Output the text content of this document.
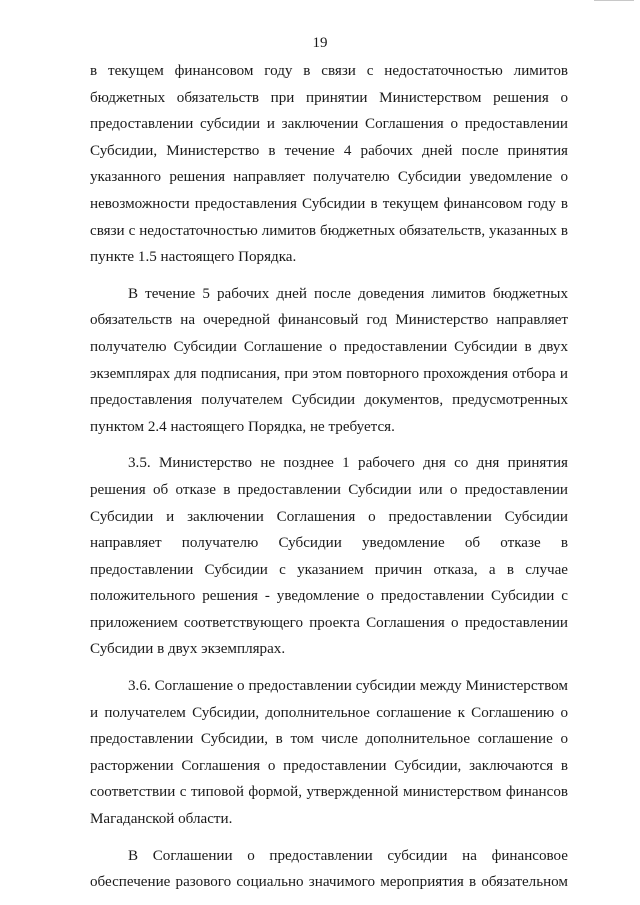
19

в текущем финансовом году в связи с недостаточностью лимитов бюджетных обязательств при принятии Министерством решения о предоставлении субсидии и заключении Соглашения о предоставлении Субсидии, Министерство в течение 4 рабочих дней после принятия указанного решения направляет получателю Субсидии уведомление о невозможности предоставления Субсидии в текущем финансовом году в связи с недостаточностью лимитов бюджетных обязательств, указанных в пункте 1.5 настоящего Порядка.

В течение 5 рабочих дней после доведения лимитов бюджетных обязательств на очередной финансовый год Министерство направляет получателю Субсидии Соглашение о предоставлении Субсидии в двух экземплярах для подписания, при этом повторного прохождения отбора и предоставления получателем Субсидии документов, предусмотренных пунктом 2.4 настоящего Порядка, не требуется.

3.5. Министерство не позднее 1 рабочего дня со дня принятия решения об отказе в предоставлении Субсидии или о предоставлении Субсидии и заключении Соглашения о предоставлении Субсидии направляет получателю Субсидии уведомление об отказе в предоставлении Субсидии с указанием причин отказа, а в случае положительного решения - уведомление о предоставлении Субсидии с приложением соответствующего проекта Соглашения о предоставлении Субсидии в двух экземплярах.

3.6. Соглашение о предоставлении субсидии между Министерством и получателем Субсидии, дополнительное соглашение к Соглашению о предоставлении Субсидии, в том числе дополнительное соглашение о расторжении Соглашения о предоставлении Субсидии, заключаются в соответствии с типовой формой, утвержденной министерством финансов Магаданской области.

В Соглашении о предоставлении субсидии на финансовое обеспечение разового социально значимого мероприятия в обязательном
